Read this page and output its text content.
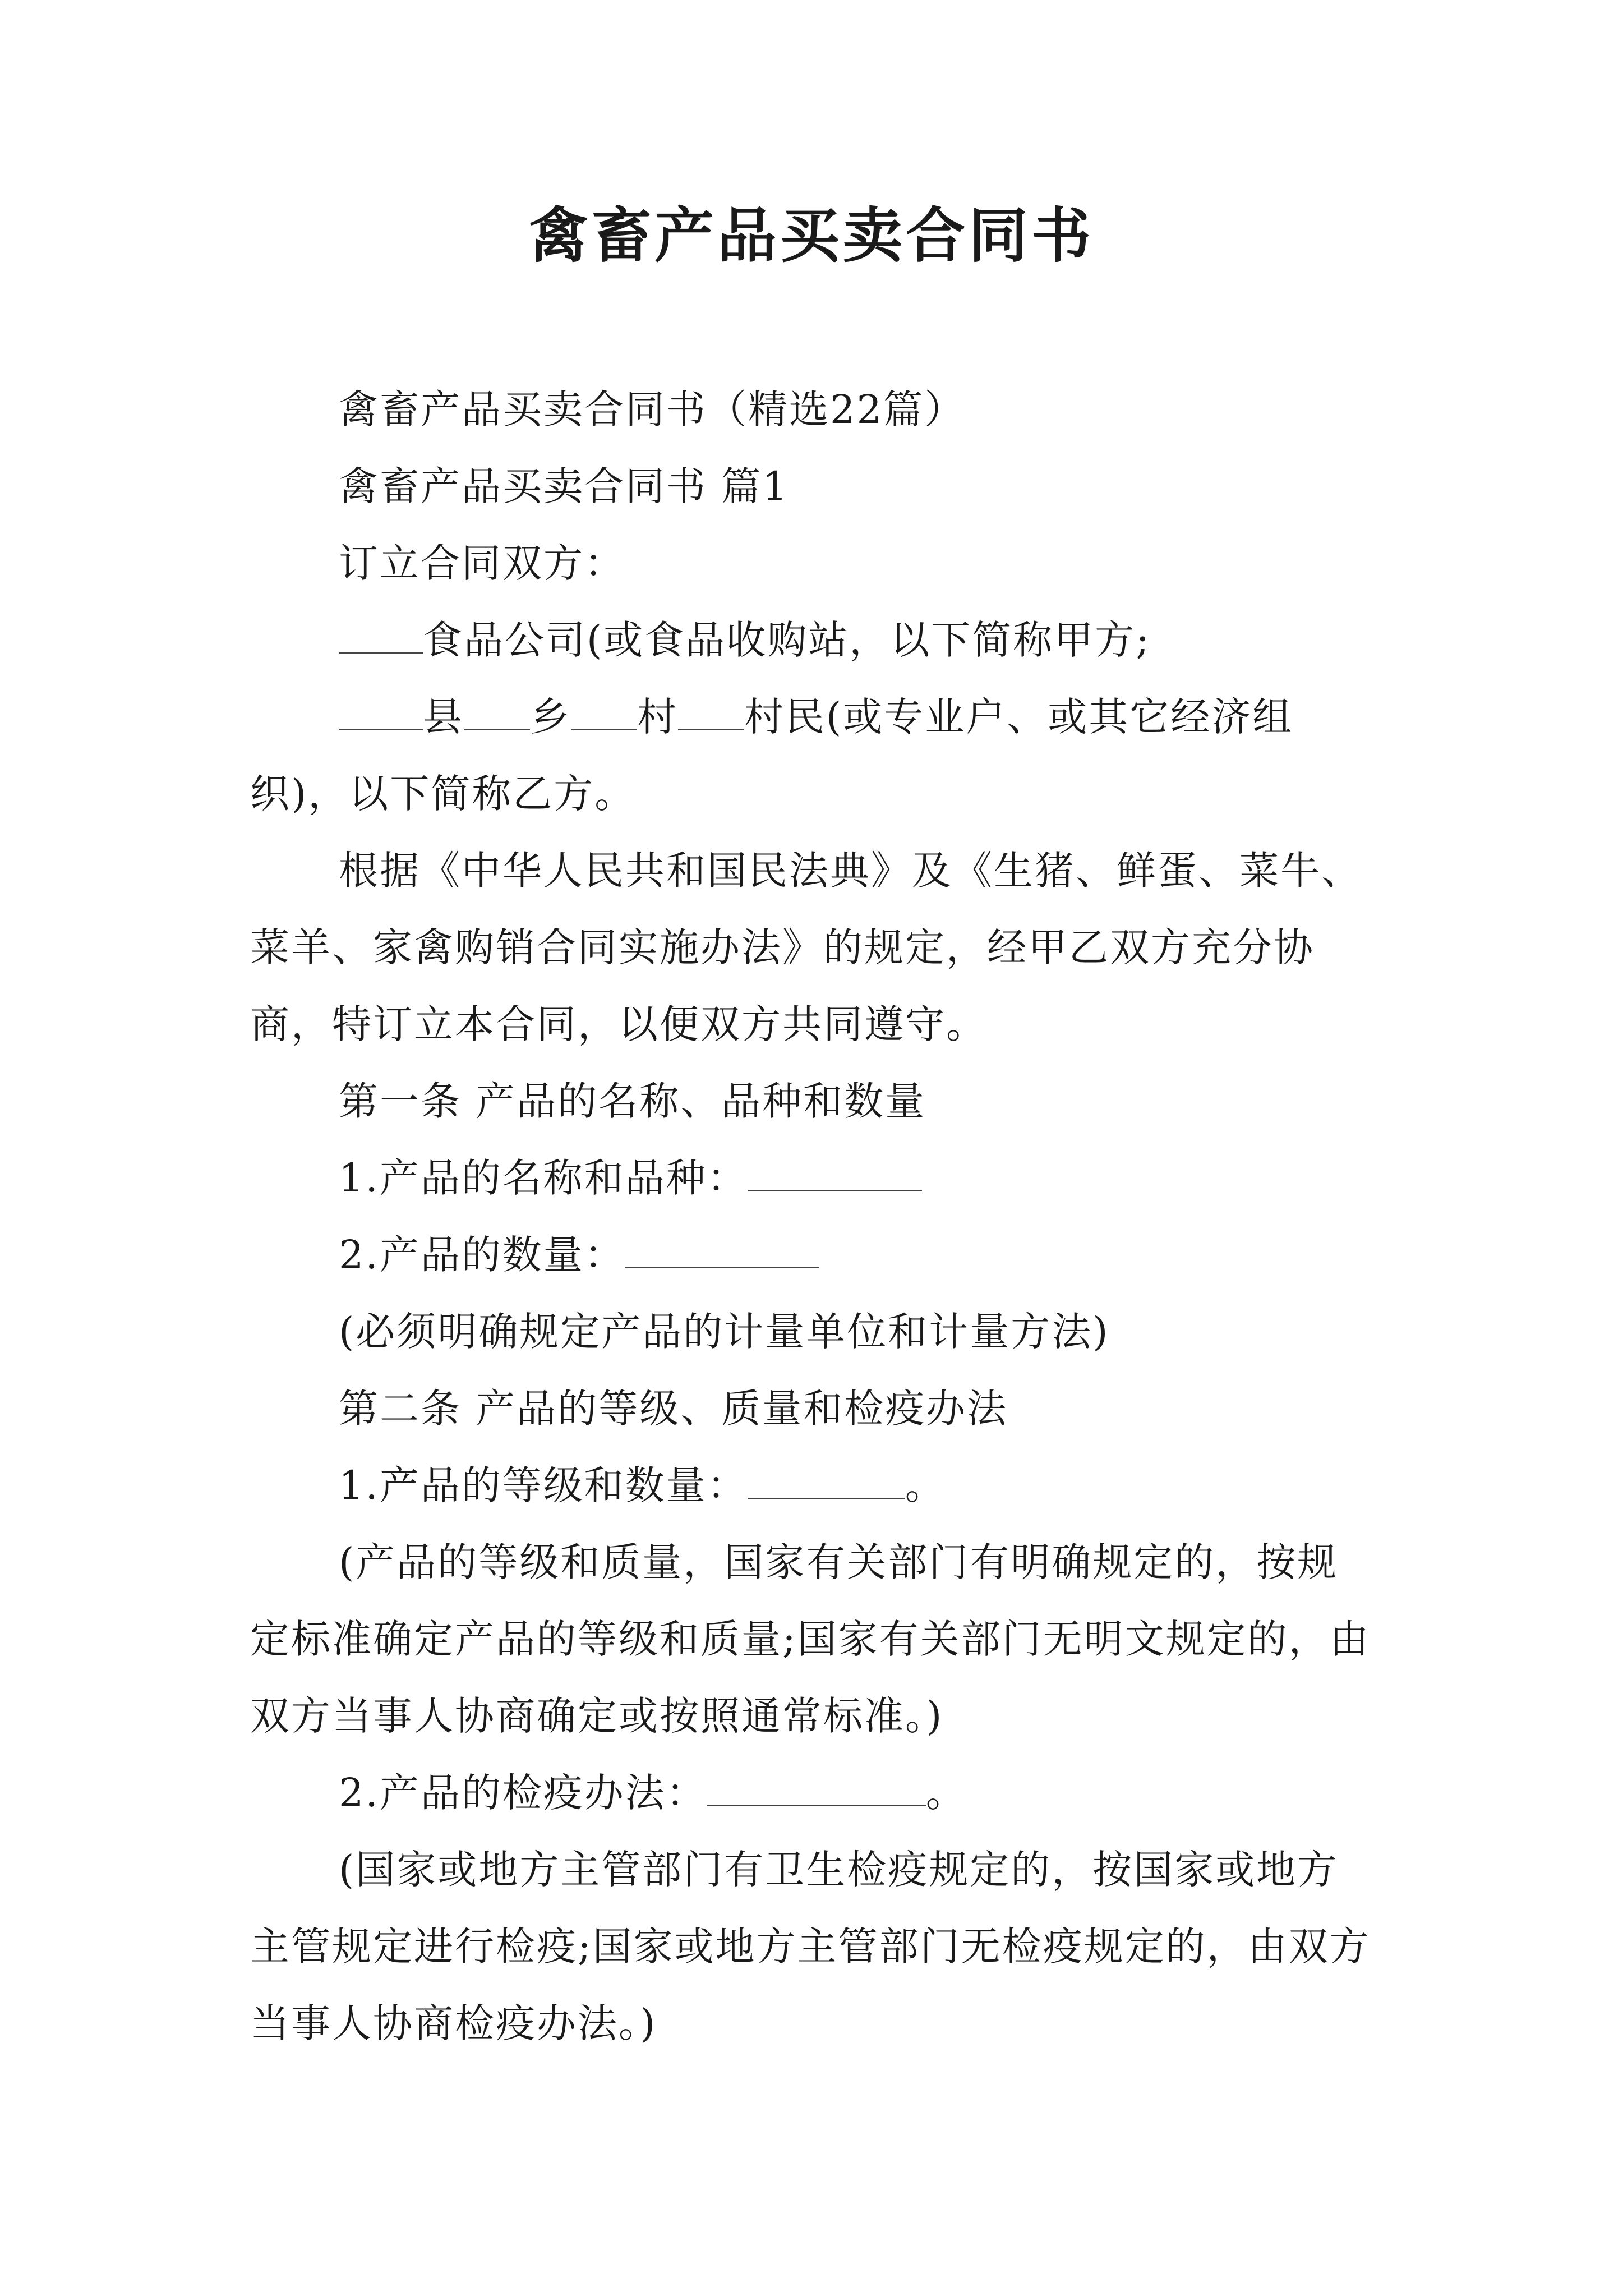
禽畜产品买卖合同书

禽畜产品买卖合同书（精选22篇）

禽畜产品买卖合同书 篇1

订立合同双方：

食品公司(或食品收购站，以下简称甲方;

县 乡 村 村民(或专业户、或其它经济组织)，以下简称乙方。

根据《中华人民共和国民法典》及《生猪、鲜蛋、菜牛、菜羊、家禽购销合同实施办法》的规定，经甲乙双方充分协商，特订立本合同，以便双方共同遵守。

第一条 产品的名称、品种和数量

1.产品的名称和品种：

2.产品的数量：

(必须明确规定产品的计量单位和计量方法)

第二条 产品的等级、质量和检疫办法

1.产品的等级和数量：	。

(产品的等级和质量，国家有关部门有明确规定的，按规定标准确定产品的等级和质量;国家有关部门无明文规定的，由双方当事人协商确定或按照通常标准。)

2.产品的检疫办法：	。

(国家或地方主管部门有卫生检疫规定的，按国家或地方主管规定进行检疫;国家或地方主管部门无检疫规定的，由双方当事人协商检疫办法。)
